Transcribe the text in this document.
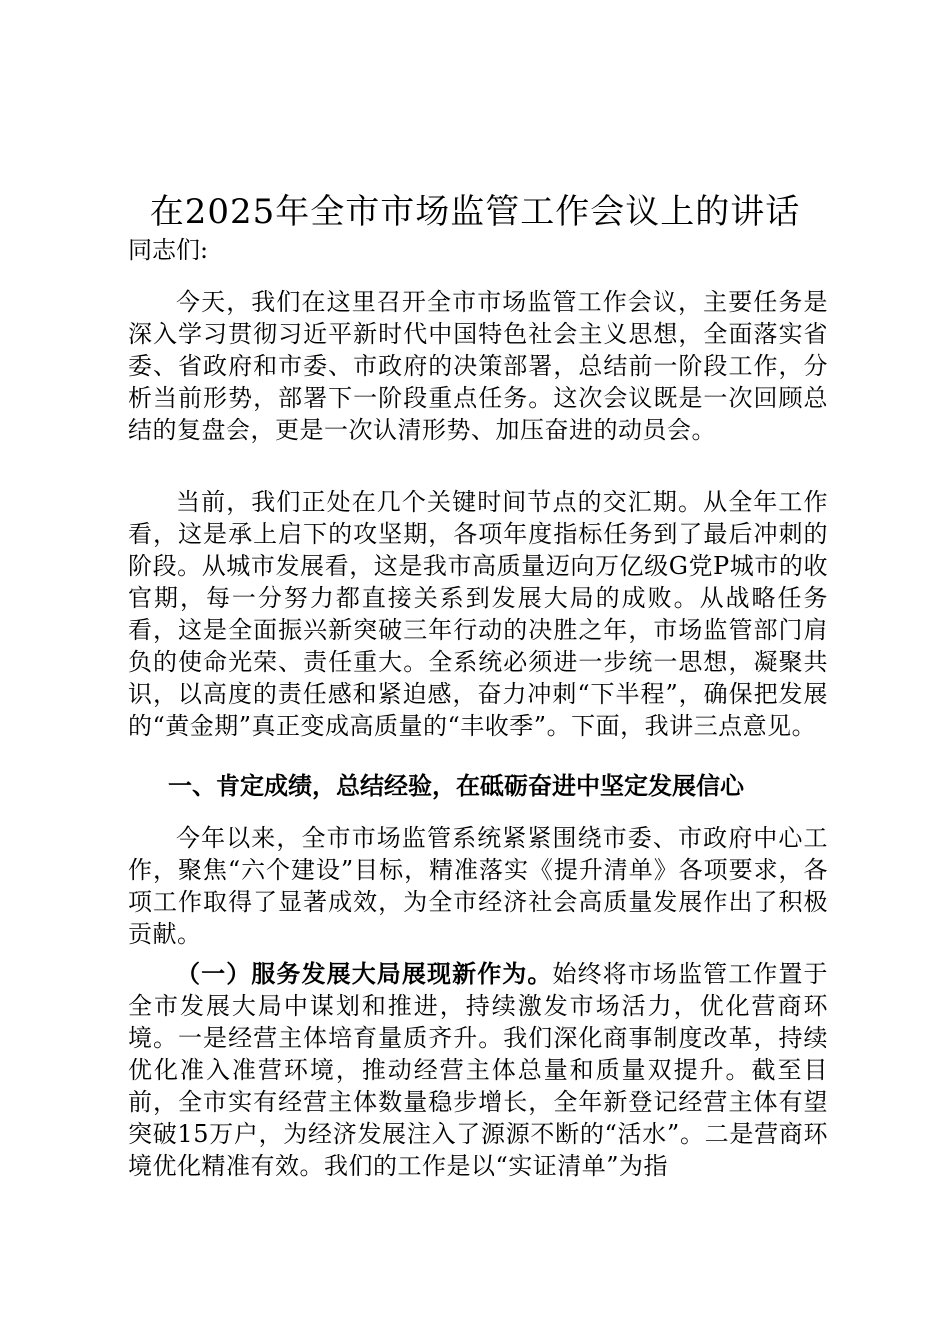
在2025年全市市场监管工作会议上的讲话
同志们:

今天，我们在这里召开全市市场监管工作会议，主要任务是深入学习贯彻习近平新时代中国特色社会主义思想，全面落实省委、省政府和市委、市政府的决策部署，总结前一阶段工作，分析当前形势，部署下一阶段重点任务。这次会议既是一次回顾总结的复盘会，更是一次认清形势、加压奋进的动员会。

当前，我们正处在几个关键时间节点的交汇期。从全年工作看，这是承上启下的攻坚期，各项年度指标任务到了最后冲刺的阶段。从城市发展看，这是我市高质量迈向万亿级G党P城市的收官期，每一分努力都直接关系到发展大局的成败。从战略任务看，这是全面振兴新突破三年行动的决胜之年，市场监管部门肩负的使命光荣、责任重大。全系统必须进一步统一思想，凝聚共识，以高度的责任感和紧迫感，奋力冲刺“下半程”，确保把发展的“黄金期”真正变成高质量的“丰收季”。下面，我讲三点意见。

一、肯定成绩，总结经验，在砥砺奋进中坚定发展信心

今年以来，全市市场监管系统紧紧围绕市委、市政府中心工作，聚焦“六个建设”目标，精准落实《提升清单》各项要求，各项工作取得了显著成效，为全市经济社会高质量发展作出了积极贡献。

（一）服务发展大局展现新作为。始终将市场监管工作置于全市发展大局中谋划和推进，持续激发市场活力，优化营商环境。一是经营主体培育量质齐升。我们深化商事制度改革，持续优化准入准营环境，推动经营主体总量和质量双提升。截至目前，全市实有经营主体数量稳步增长，全年新登记经营主体有望突破15万户，为经济发展注入了源源不断的“活水”。二是营商环境优化精准有效。我们的工作是以“实证清单”为指
